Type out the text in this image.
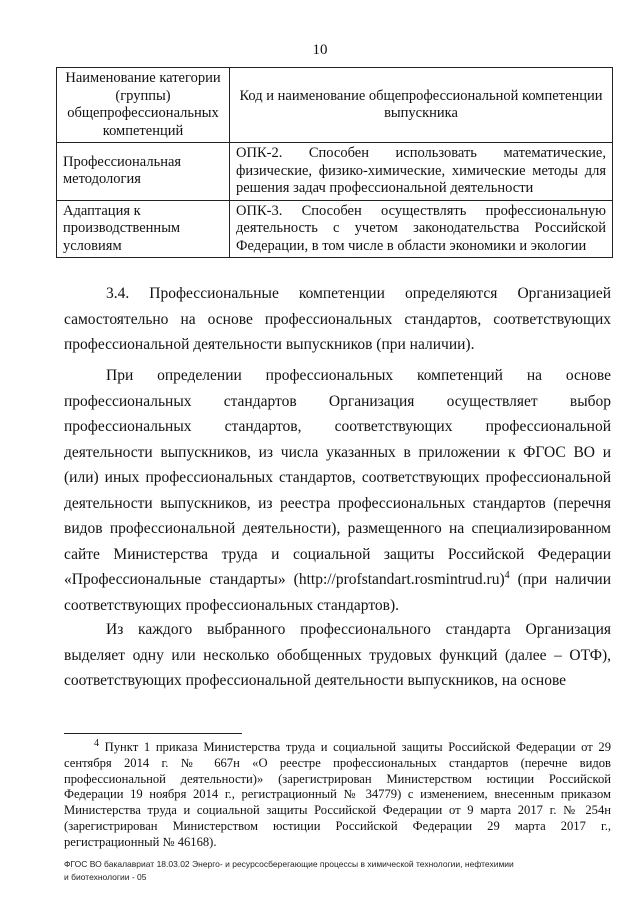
10
Наименование категории (группы) общепрофессиональных компетенций	Код и наименование общепрофессиональной компетенции выпускника
Профессиональная методология	ОПК-2. Способен использовать математические, физические, физико-химические, химические методы для решения задач профессиональной деятельности
Адаптация к производственным условиям	ОПК-3. Способен осуществлять профессиональную деятельность с учетом законодательства Российской Федерации, в том числе в области экономики и экологии

3.4. Профессиональные компетенции определяются Организацией самостоятельно на основе профессиональных стандартов, соответствующих профессиональной деятельности выпускников (при наличии).

При определении профессиональных компетенций на основе профессиональных стандартов Организация осуществляет выбор профессиональных стандартов, соответствующих профессиональной деятельности выпускников, из числа указанных в приложении к ФГОС ВО и (или) иных профессиональных стандартов, соответствующих профессиональной деятельности выпускников, из реестра профессиональных стандартов (перечня видов профессиональной деятельности), размещенного на специализированном сайте Министерства труда и социальной защиты Российской Федерации «Профессиональные стандарты» (http://profstandart.rosmintrud.ru)$^4$ (при наличии соответствующих профессиональных стандартов).

Из каждого выбранного профессионального стандарта Организация выделяет одну или несколько обобщенных трудовых функций (далее – ОТФ), соответствующих профессиональной деятельности выпускников, на основе

$^4$ Пункт 1 приказа Министерства труда и социальной защиты Российской Федерации от 29 сентября 2014 г. № 667н «О реестре профессиональных стандартов (перечне видов профессиональной деятельности)» (зарегистрирован Министерством юстиции Российской Федерации 19 ноября 2014 г., регистрационный № 34779) с изменением, внесенным приказом Министерства труда и социальной защиты Российской Федерации от 9 марта 2017 г. № 254н (зарегистрирован Министерством юстиции Российской Федерации 29 марта 2017 г., регистрационный № 46168).

ФГОС ВО бакалавриат 18.03.02 Энерго- и ресурсосберегающие процессы в химической технологии, нефтехимии
и биотехнологии - 05
